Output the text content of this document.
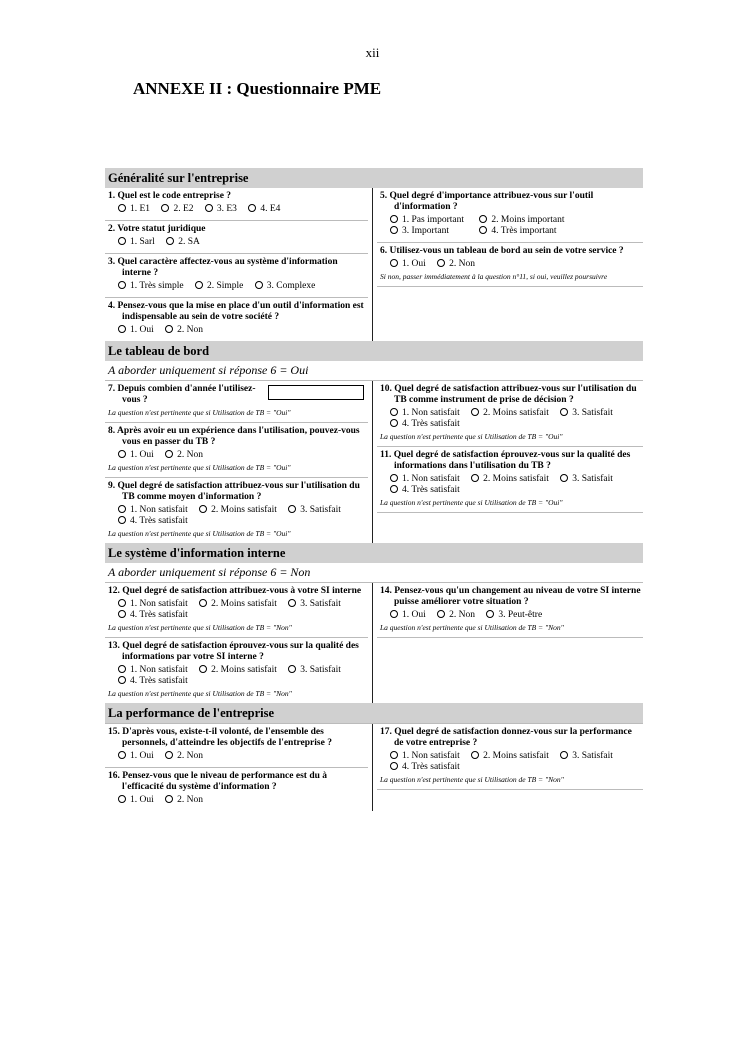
xii
ANNEXE II : Questionnaire PME
Généralité sur l'entreprise
1. Quel est le code entreprise ?
1. E1 2. E2 3. E3 4. E4
2. Votre statut juridique
1. Sarl 2. SA
3. Quel caractère affectez-vous au système d'information interne ?
1. Très simple 2. Simple 3. Complexe
4. Pensez-vous que la mise en place d'un outil d'information est indispensable au sein de votre société ?
1. Oui 2. Non
5. Quel degré d'importance attribuez-vous sur l'outil d'information ?
1. Pas important	2. Moins important
3. Important	4. Très important
6. Utilisez-vous un tableau de bord au sein de votre service ?
1. Oui 2. Non
Si non, passer immédiatement à la question n°11, si oui, veuillez poursuivre
Le tableau de bord
A aborder uniquement si réponse 6 = Oui
7. Depuis combien d'année l'utilisez-vous ?
La question n'est pertinente que si Utilisation de TB = "Oui"
8. Après avoir eu un expérience dans l'utilisation, pouvez-vous vous en passer du TB ?
1. Oui 2. Non
La question n'est pertinente que si Utilisation de TB = "Oui"
9. Quel degré de satisfaction attribuez-vous sur l'utilisation du TB comme moyen d'information ?
1. Non satisfait 2. Moins satisfait 3. Satisfait
4. Très satisfait
La question n'est pertinente que si Utilisation de TB = "Oui"
10. Quel degré de satisfaction attribuez-vous sur l'utilisation du TB comme instrument de prise de décision ?
1. Non satisfait 2. Moins satisfait 3. Satisfait
4. Très satisfait
La question n'est pertinente que si Utilisation de TB = "Oui"
11. Quel degré de satisfaction éprouvez-vous sur la qualité des informations dans l'utilisation du TB ?
1. Non satisfait 2. Moins satisfait 3. Satisfait
4. Très satisfait
La question n'est pertinente que si Utilisation de TB = "Oui"
Le système d'information interne
A aborder uniquement si réponse 6 = Non
12. Quel degré de satisfaction attribuez-vous à votre SI interne
1. Non satisfait 2. Moins satisfait 3. Satisfait
4. Très satisfait
La question n'est pertinente que si Utilisation de TB = "Non"
13. Quel degré de satisfaction éprouvez-vous sur la qualité des informations par votre SI interne ?
1. Non satisfait 2. Moins satisfait 3. Satisfait
4. Très satisfait
La question n'est pertinente que si Utilisation de TB = "Non"
14. Pensez-vous qu'un changement au niveau de votre SI interne puisse améliorer votre situation ?
1. Oui 2. Non 3. Peut-être
La question n'est pertinente que si Utilisation de TB = "Non"
La performance de l'entreprise
15. D'après vous, existe-t-il volonté, de l'ensemble des personnels, d'atteindre les objectifs de l'entreprise ?
1. Oui 2. Non
16. Pensez-vous que le niveau de performance est du à l'efficacité du système d'information ?
1. Oui 2. Non
17. Quel degré de satisfaction donnez-vous sur la performance de votre entreprise ?
1. Non satisfait 2. Moins satisfait 3. Satisfait
4. Très satisfait
La question n'est pertinente que si Utilisation de TB = "Non"
